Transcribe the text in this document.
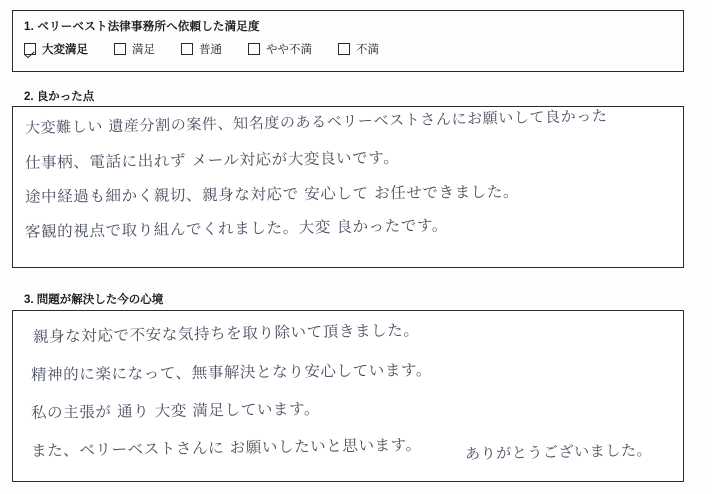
1. ベリーベスト法律事務所へ依頼した満足度
大変満足	満足	普通	やや不満	不満
2. 良かった点
大変難しい 遺産分割の案件、知名度のあるベリーベストさんにお願いして良かった
仕事柄、電話に出れず メール対応が大変良いです。
途中経過も細かく親切、親身な対応で 安心して お任せできました。
客観的視点で取り組んでくれました。大変 良かったです。
3. 問題が解決した今の心境
親身な対応で不安な気持ちを取り除いて頂きました。
精神的に楽になって、無事解決となり安心しています。
私の主張が 通り 大変 満足しています。
また、ベリーベストさんに お願いしたいと思います。	ありがとうございました。
